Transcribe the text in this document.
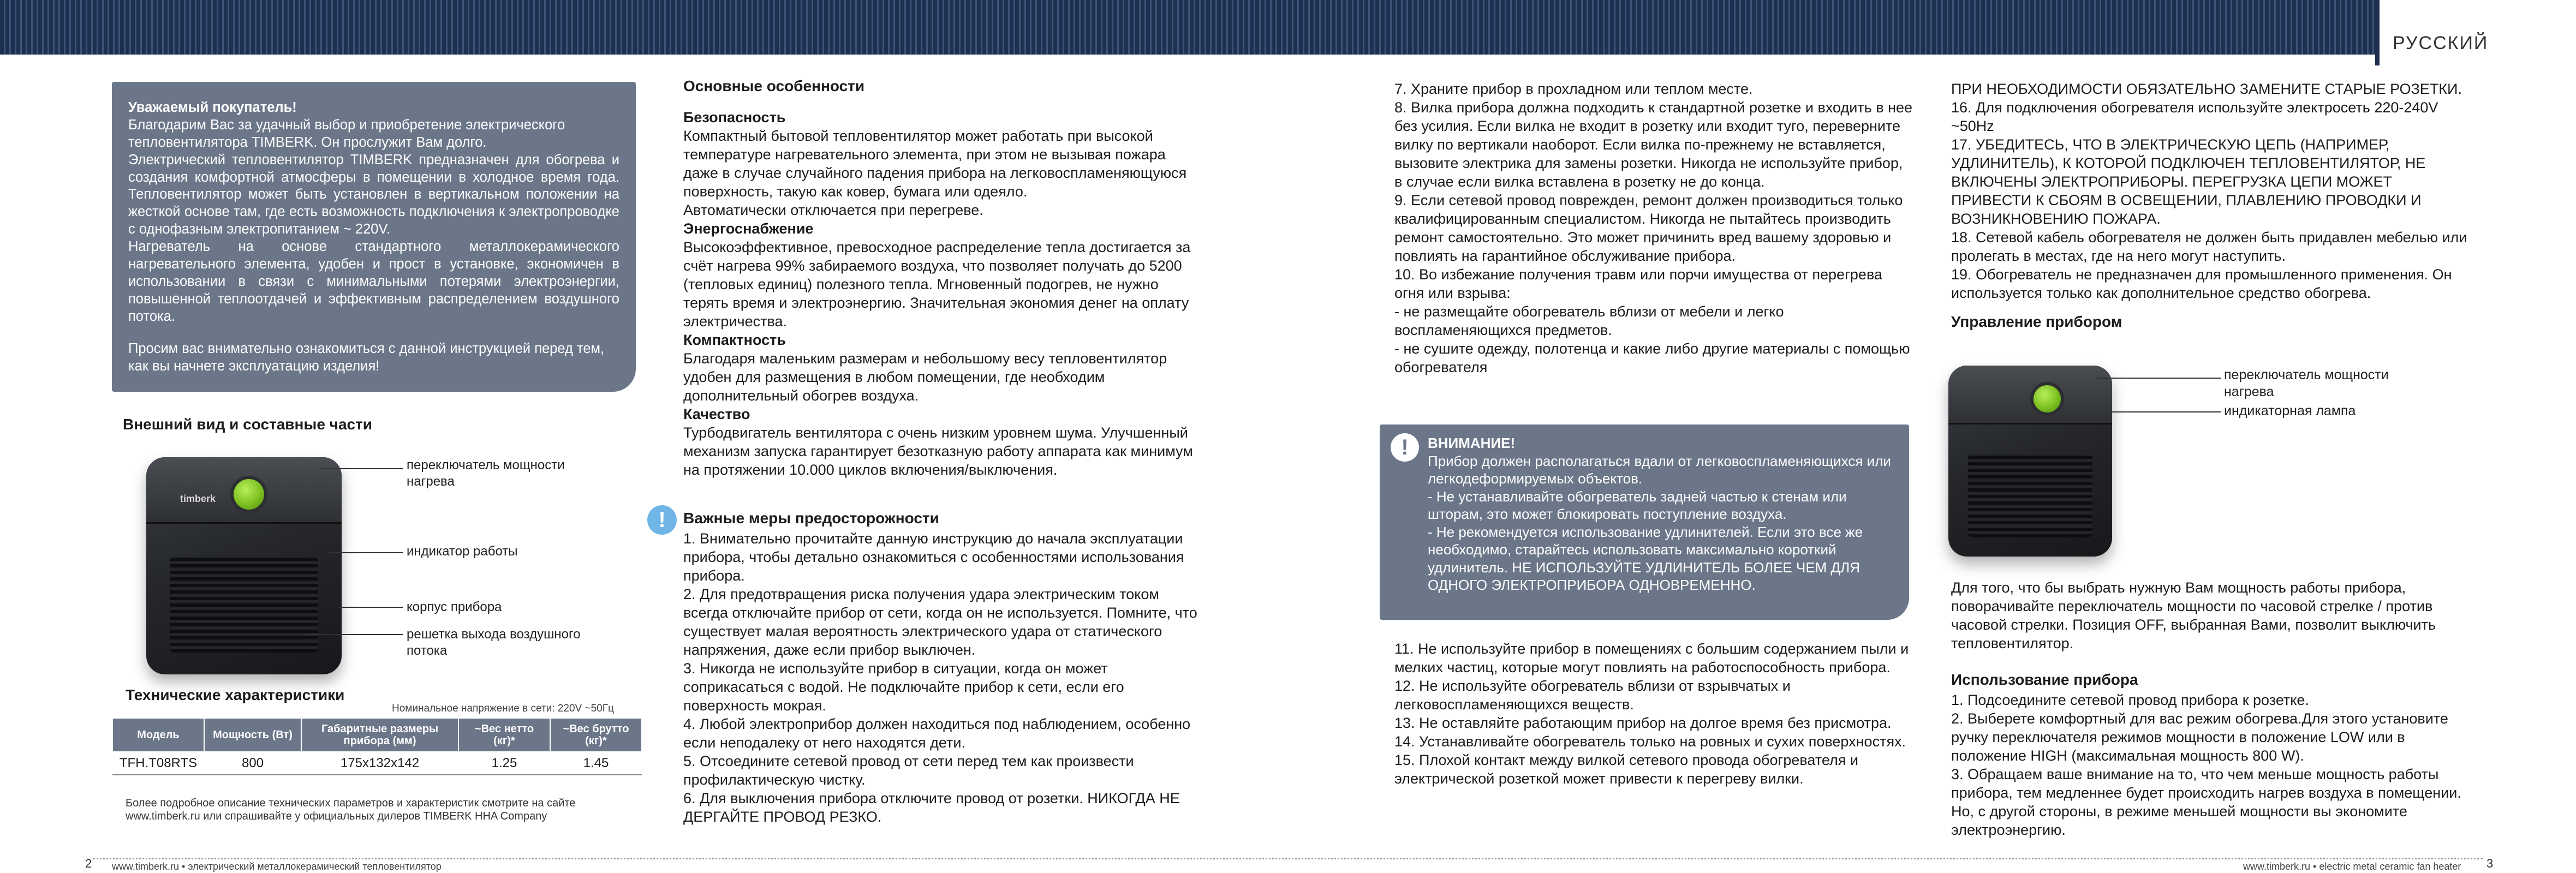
РУССКИЙ

Уважаемый покупатель!

Благодарим Вас за удачный выбор и приобретение электрического тепловентилятора TIMBERK. Он прослужит Вам долго.

Электрический тепловентилятор TIMBERK предназначен для обогрева и создания комфортной атмосферы в помещении в холодное время года. Тепловентилятор может быть установлен в вертикальном положении на жесткой основе там, где есть возможность подключения к электропроводке с однофазным электропитанием ~ 220V.

Нагреватель на основе стандартного металлокерамического нагревательного элемента, удобен и прост в установке, экономичен в использовании в связи с минимальными потерями электроэнергии, повышенной теплоотдачей и эффективным распределением воздушного потока.

Просим вас внимательно ознакомиться с данной инструкцией перед тем, как вы начнете эксплуатацию изделия!

Внешний вид и составные части

timberk
переключатель мощности нагрева
индикатор работы
корпус прибора
решетка выхода воздушного потока

Технические характеристики

Номинальное напряжение в сети: 220V ~50Гц
Модель	Мощность (Вт)	Габаритные размеры прибора (мм)	~Вес нетто (кг)*	~Вес брутто (кг)*
TFH.T08RTS	800	175x132x142	1.25	1.45
Более подробное описание технических параметров и характеристик смотрите на сайте www.timberk.ru или спрашивайте у официальных дилеров TIMBERK HHA Company

Основные особенности

Безопасность

Компактный бытовой тепловентилятор может работать при высокой температуре нагревательного элемента, при этом не вызывая пожара даже в случае случайного падения прибора на легковоспламеняющуюся поверхность, такую как ковер, бумага или одеяло.

Автоматически отключается при перегреве.

Энергоснабжение

Высокоэффективное, превосходное распределение тепла достигается за счёт нагрева 99% забираемого воздуха, что позволяет получать до 5200 (тепловых единиц) полезного тепла. Мгновенный подогрев, не нужно терять время и электроэнергию. Значительная экономия денег на оплату электричества.

Компактность

Благодаря маленьким размерам и небольшому весу тепловентилятор удобен для размещения в любом помещении, где необходим дополнительный обогрев воздуха.

Качество

Турбодвигатель вентилятора с очень низким уровнем шума. Улучшенный механизм запуска гарантирует безотказную работу аппарата как минимум на протяжении 10.000 циклов включения/выключения.

!	Важные меры предосторожности

1. Внимательно прочитайте данную инструкцию до начала эксплуатации прибора, чтобы детально ознакомиться с особенностями использования прибора.

2. Для предотвращения риска получения удара электрическим током всегда отключайте прибор от сети, когда он не используется. Помните, что существует малая вероятность электрического удара от статического напряжения, даже если прибор выключен.

3. Никогда не используйте прибор в ситуации, когда он может соприкасаться с водой. Не подключайте прибор к сети, если его поверхность мокрая.

4. Любой электроприбор должен находиться под наблюдением, особенно если неподалеку от него находятся дети.

5. Отсоедините сетевой провод от сети перед тем как произвести профилактическую чистку.

6. Для выключения прибора отключите провод от розетки. НИКОГДА НЕ ДЕРГАЙТЕ ПРОВОД РЕЗКО.

7. Храните прибор в прохладном или теплом месте.

8. Вилка прибора должна подходить к стандартной розетке и входить в нее без усилия. Если вилка не входит в розетку или входит туго, переверните вилку по вертикали наоборот. Если вилка по-прежнему не вставляется, вызовите электрика для замены розетки. Никогда не используйте прибор, в случае если вилка вставлена в розетку не до конца.

9. Если сетевой провод поврежден, ремонт должен производиться только квалифицированным специалистом. Никогда не пытайтесь производить ремонт самостоятельно. Это может причинить вред вашему здоровью и повлиять на гарантийное обслуживание прибора.

10. Во избежание получения травм или порчи имущества от перегрева огня или взрыва:

- не размещайте обогреватель вблизи от мебели и легко воспламеняющихся предметов.

- не сушите одежду, полотенца и какие либо другие материалы с помощью обогревателя

!	ВНИМАНИЕ!

Прибор должен располагаться вдали от легковоспламеняющихся или легкодеформируемых объектов.

- Не устанавливайте обогреватель задней частью к стенам или шторам, это может блокировать поступление воздуха.

- Не рекомендуется использование удлинителей. Если это все же необходимо, старайтесь использовать максимально короткий удлинитель. НЕ ИСПОЛЬЗУЙТЕ УДЛИНИТЕЛЬ БОЛЕЕ ЧЕМ ДЛЯ ОДНОГО ЭЛЕКТРОПРИБОРА ОДНОВРЕМЕННО.

11. Не используйте прибор в помещениях с большим содержанием пыли и мелких частиц, которые могут повлиять на работоспособность прибора.

12. Не используйте обогреватель вблизи от взрывчатых и легковоспламеняющихся веществ.

13. Не оставляйте работающим прибор на долгое время без присмотра.

14. Устанавливайте обогреватель только на ровных и сухих поверхностях.

15. Плохой контакт между вилкой сетевого провода обогревателя и электрической розеткой может привести к перегреву вилки.

ПРИ НЕОБХОДИМОСТИ ОБЯЗАТЕЛЬНО ЗАМЕНИТЕ СТАРЫЕ РОЗЕТКИ.

16. Для подключения обогревателя используйте электросеть 220-240V ~50Hz

17. УБЕДИТЕСЬ, ЧТО В ЭЛЕКТРИЧЕСКУЮ ЦЕПЬ (НАПРИМЕР, УДЛИНИТЕЛЬ), К КОТОРОЙ ПОДКЛЮЧЕН ТЕПЛОВЕНТИЛЯТОР, НЕ ВКЛЮЧЕНЫ ЭЛЕКТРОПРИБОРЫ. ПЕРЕГРУЗКА ЦЕПИ МОЖЕТ ПРИВЕСТИ К СБОЯМ В ОСВЕЩЕНИИ, ПЛАВЛЕНИЮ ПРОВОДКИ И ВОЗНИКНОВЕНИЮ ПОЖАРА.

18. Сетевой кабель обогревателя не должен быть придавлен мебелью или пролегать в местах, где на него могут наступить.

19. Обогреватель не предназначен для промышленного применения. Он используется только как дополнительное средство обогрева.

Управление прибором

переключатель мощности нагрева
индикаторная лампа

Для того, что бы выбрать нужную Вам мощность работы прибора, поворачивайте переключатель мощности по часовой стрелке / против часовой стрелки. Позиция OFF, выбранная Вами, позволит выключить тепловентилятор.

Использование прибора

1. Подсоедините сетевой провод прибора к розетке.

2. Выберете комфортный для вас режим обогрева.Для этого установите ручку переключателя режимов мощности в положение LOW или в положение HIGH (максимальная мощность 800 W).

3. Обращаем ваше внимание на то, что чем меньше мощность работы прибора, тем медленнее будет происходить нагрев воздуха в помещении. Но, с другой стороны, в режиме меньшей мощности вы экономите электроэнергию.

2 www.timberk.ru • электрический металлокерамический тепловентилятор	www.timberk.ru • electric metal ceramic fan heater 3
